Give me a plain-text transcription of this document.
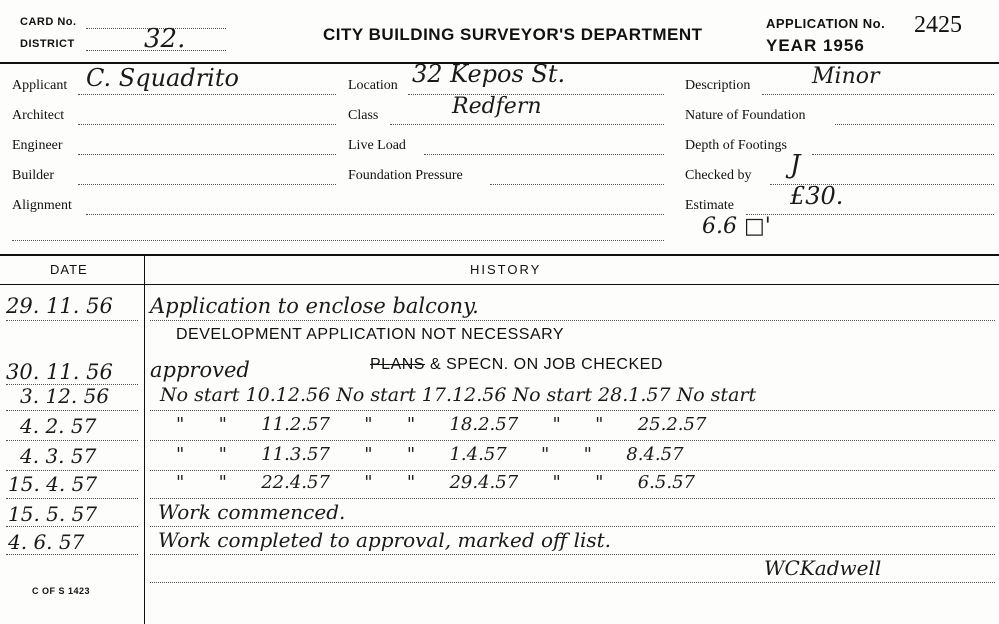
CARD No.
DISTRICT	32.	CITY BUILDING SURVEYOR'S DEPARTMENT
APPLICATION No. 2425
YEAR 1956
Applicant C. Squadrito
Architect
Engineer
Builder
Alignment
Location 32 Kepos St.
Class	Redfern
Live Load
Foundation Pressure
Description	Minor
Nature of Foundation
Depth of Footings
Checked by J
Estimate £30.
6.6 □'
DATE	HISTORY
29. 11. 56 Application to enclose balcony.
DEVELOPMENT APPLICATION NOT NECESSARY
30. 11. 56 approved	PLANS & SPECN. ON JOB CHECKED
3. 12. 56	No start 10.12.56 No start 17.12.56 No start 28.1.57 No start
4. 2. 57	"      "      11.2.57      "      "      18.2.57      "      "      25.2.57
4. 3. 57	"      "      11.3.57      "      "      1.4.57      "      "      8.4.57
15. 4. 57	"      "      22.4.57      "      "      29.4.57      "      "      6.5.57
15. 5. 57	Work commenced.
4. 6. 57	Work completed to approval, marked off list.
WCKadwell
C OF S 1423
